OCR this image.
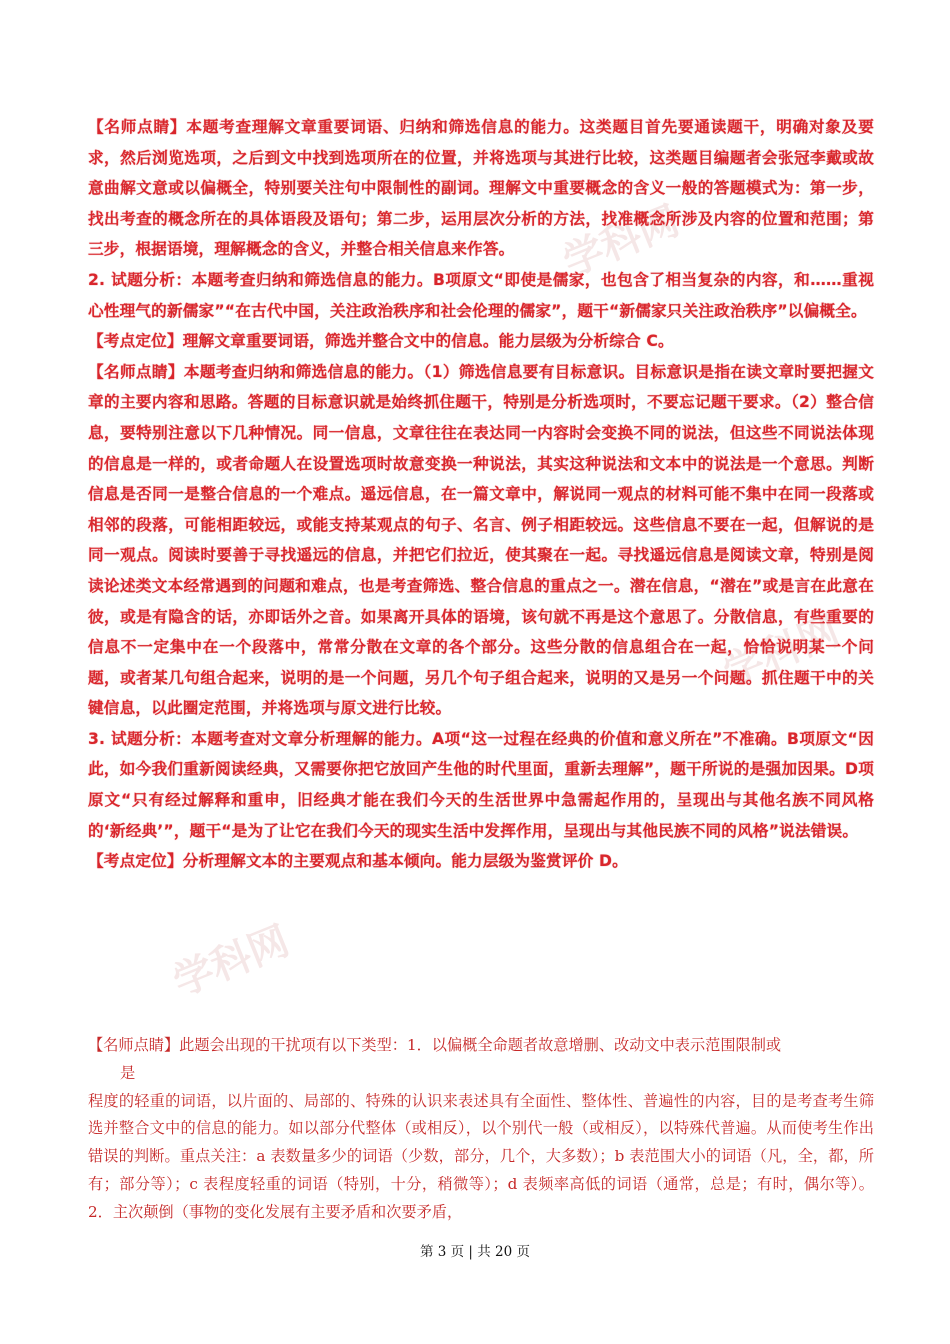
学科网
学科网
学科网

【名师点睛】本题考查理解文章重要词语、归纳和筛选信息的能力。这类题目首先要通读题干，明确对象及要求，然后浏览选项，之后到文中找到选项所在的位置，并将选项与其进行比较，这类题目编题者会张冠李戴或故意曲解文意或以偏概全，特别要关注句中限制性的副词。理解文中重要概念的含义一般的答题模式为：第一步，找出考查的概念所在的具体语段及语句；第二步，运用层次分析的方法，找准概念所涉及内容的位置和范围；第三步，根据语境，理解概念的含义，并整合相关信息来作答。

2. 试题分析：本题考查归纳和筛选信息的能力。B项原文“即使是儒家，也包含了相当复杂的内容，和……重视心性理气的新儒家”“在古代中国，关注政治秩序和社会伦理的儒家”，题干“新儒家只关注政治秩序”以偏概全。

【考点定位】理解文章重要词语，筛选并整合文中的信息。能力层级为分析综合 C。

【名师点睛】本题考查归纳和筛选信息的能力。（1）筛选信息要有目标意识。目标意识是指在读文章时要把握文章的主要内容和思路。答题的目标意识就是始终抓住题干，特别是分析选项时，不要忘记题干要求。（2）整合信息，要特别注意以下几种情况。同一信息，文章往往在表达同一内容时会变换不同的说法，但这些不同说法体现的信息是一样的，或者命题人在设置选项时故意变换一种说法，其实这种说法和文本中的说法是一个意思。判断信息是否同一是整合信息的一个难点。遥远信息，在一篇文章中，解说同一观点的材料可能不集中在同一段落或相邻的段落，可能相距较远，或能支持某观点的句子、名言、例子相距较远。这些信息不要在一起，但解说的是同一观点。阅读时要善于寻找遥远的信息，并把它们拉近，使其聚在一起。寻找遥远信息是阅读文章，特别是阅读论述类文本经常遇到的问题和难点，也是考查筛选、整合信息的重点之一。潜在信息，“潜在”或是言在此意在彼，或是有隐含的话，亦即话外之音。如果离开具体的语境，该句就不再是这个意思了。分散信息，有些重要的信息不一定集中在一个段落中，常常分散在文章的各个部分。这些分散的信息组合在一起，恰恰说明某一个问题，或者某几句组合起来，说明的是一个问题，另几个句子组合起来，说明的又是另一个问题。抓住题干中的关键信息，以此圈定范围，并将选项与原文进行比较。

3. 试题分析：本题考查对文章分析理解的能力。A项“这一过程在经典的价值和意义所在”不准确。B项原文“因此，如今我们重新阅读经典，又需要你把它放回产生他的时代里面，重新去理解”，题干所说的是强加因果。D项原文“只有经过解释和重申，旧经典才能在我们今天的生活世界中急需起作用的，呈现出与其他名族不同风格的‘新经典’”，题干“是为了让它在我们今天的现实生活中发挥作用，呈现出与其他民族不同的风格”说法错误。

【考点定位】分析理解文本的主要观点和基本倾向。能力层级为鉴赏评价 D。

【名师点睛】此题会出现的干扰项有以下类型：1．以偏概全命题者故意增删、改动文中表示范围限制或

是

程度的轻重的词语，以片面的、局部的、特殊的认识来表述具有全面性、整体性、普遍性的内容，目的是考查考生筛选并整合文中的信息的能力。如以部分代整体（或相反），以个别代一般（或相反），以特殊代普遍。从而使考生作出错误的判断。重点关注：a 表数量多少的词语（少数，部分，几个，大多数）；b 表范围大小的词语（凡，全，都，所有；部分等）；c 表程度轻重的词语（特别，十分，稍微等）；d 表频率高低的词语（通常，总是；有时，偶尔等）。2．主次颠倒（事物的变化发展有主要矛盾和次要矛盾，

第 3 页 | 共 20 页
